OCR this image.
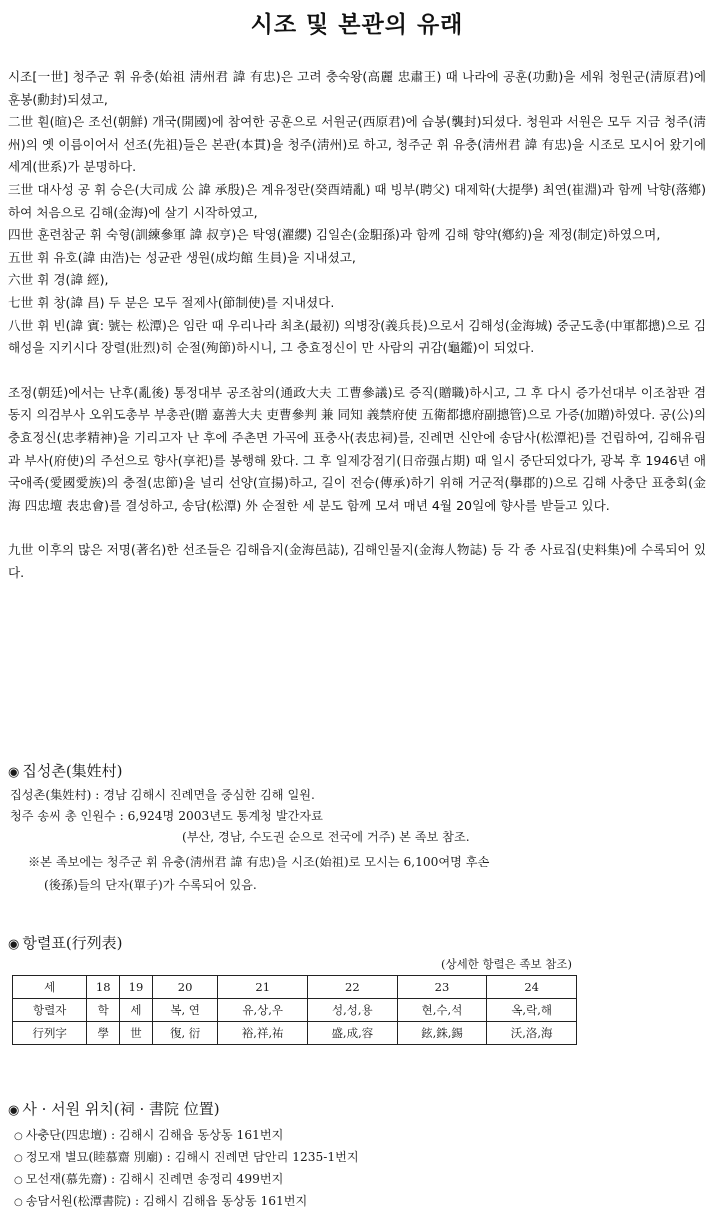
시조 및 본관의 유래

시조[一世] 청주군 휘 유충(始祖 淸州君 諱 有忠)은 고려 충숙왕(高麗 忠肅王) 때 나라에 공훈(功勳)을 세워 청원군(淸原君)에 훈봉(勳封)되셨고,

二世 훤(暄)은 조선(朝鮮) 개국(開國)에 참여한 공훈으로 서원군(西原君)에 습봉(襲封)되셨다. 청원과 서원은 모두 지금 청주(淸州)의 옛 이름이어서 선조(先祖)들은 본관(本貫)을 청주(淸州)로 하고, 청주군 휘 유충(淸州君 諱 有忠)을 시조로 모시어 왔기에 세계(世系)가 분명하다.

三世 대사성 공 휘 승은(大司成 公 諱 承殷)은 계유정란(癸酉靖亂) 때 빙부(聘父) 대제학(大提學) 최연(崔淵)과 함께 낙향(落鄕)하여 처음으로 김해(金海)에 살기 시작하였고,

四世 훈련참군 휘 숙형(訓練參軍 諱 叔亨)은 탁영(濯纓) 김일손(金馹孫)과 함께 김해 향약(鄕約)을 제정(制定)하였으며,

五世 휘 유호(諱 由浩)는 성균관 생원(成均館 生員)을 지내셨고,

六世 휘 경(諱 經),

七世 휘 창(諱 昌) 두 분은 모두 절제사(節制使)를 지내셨다.

八世 휘 빈(諱 賓: 號는 松潭)은 임란 때 우리나라 최초(最初) 의병장(義兵長)으로서 김해성(金海城) 중군도총(中軍都摠)으로 김해성을 지키시다 장렬(壯烈)히 순절(殉節)하시니, 그 충효정신이 만 사람의 귀감(龜鑑)이 되었다.

조정(朝廷)에서는 난후(亂後) 통정대부 공조참의(通政大夫 工曹參議)로 증직(贈職)하시고, 그 후 다시 증가선대부 이조참판 겸 동지 의검부사 오위도총부 부총관(贈 嘉善大夫 吏曹參判 兼 同知 義禁府使 五衛都摠府副摠管)으로 가증(加贈)하였다. 공(公)의 충효정신(忠孝精神)을 기리고자 난 후에 주촌면 가곡에 표충사(表忠祠)를, 진례면 신안에 송담사(松潭祀)를 건립하여, 김해유림과 부사(府使)의 주선으로 향사(享祀)를 봉행해 왔다. 그 후 일제강점기(日帝强占期) 때 일시 중단되었다가, 광복 후 1946년 애국애족(愛國愛族)의 충절(忠節)을 널리 선양(宣揚)하고, 길이 전승(傳承)하기 위해 거군적(擧郡的)으로 김해 사충단 표충회(金海 四忠壇 表忠會)를 결성하고, 송담(松潭) 外 순절한 세 분도 함께 모셔 매년 4월 20일에 향사를 받들고 있다.

九世 이후의 많은 저명(著名)한 선조들은 김해읍지(金海邑誌), 김해인물지(金海人物誌) 등 각 종 사료집(史料集)에 수록되어 있다.

◉ 집성촌(集姓村)
집성촌(集姓村) : 경남 김해시 진례면을 중심한 김해 일원.
청주 송씨 총 인원수 : 6,924명 2003년도 통계청 발간자료
(부산, 경남, 수도권 순으로 전국에 거주) 본 족보 참조.
※본 족보에는 청주군 휘 유충(淸州君 諱 有忠)을 시조(始祖)로 모시는 6,100여명 후손
(後孫)들의 단자(單子)가 수록되어 있음.
◉ 항렬표(行列表)
(상세한 항렬은 족보 참조)
세	18	19	20	21	22	23	24
항렬자	학	세	복, 연	유,상,우	성,성,용	현,수,석	옥,락,해
行列字	學	世	復, 衍	裕,祥,祐	盛,成,容	鉉,銖,錫	沃,洛,海
◉ 사 · 서원 위치(祠 · 書院 位置)
○ 사충단(四忠壇) : 김해시 김해읍 동상동 161번지
○ 정모재 별묘(睦慕齋 別廟) : 김해시 진례면 담안리 1235-1번지
○ 모선재(慕先齋) : 김해시 진례면 송정리 499번지
○ 송담서원(松潭書院) : 김해시 김해읍 동상동 161번지
